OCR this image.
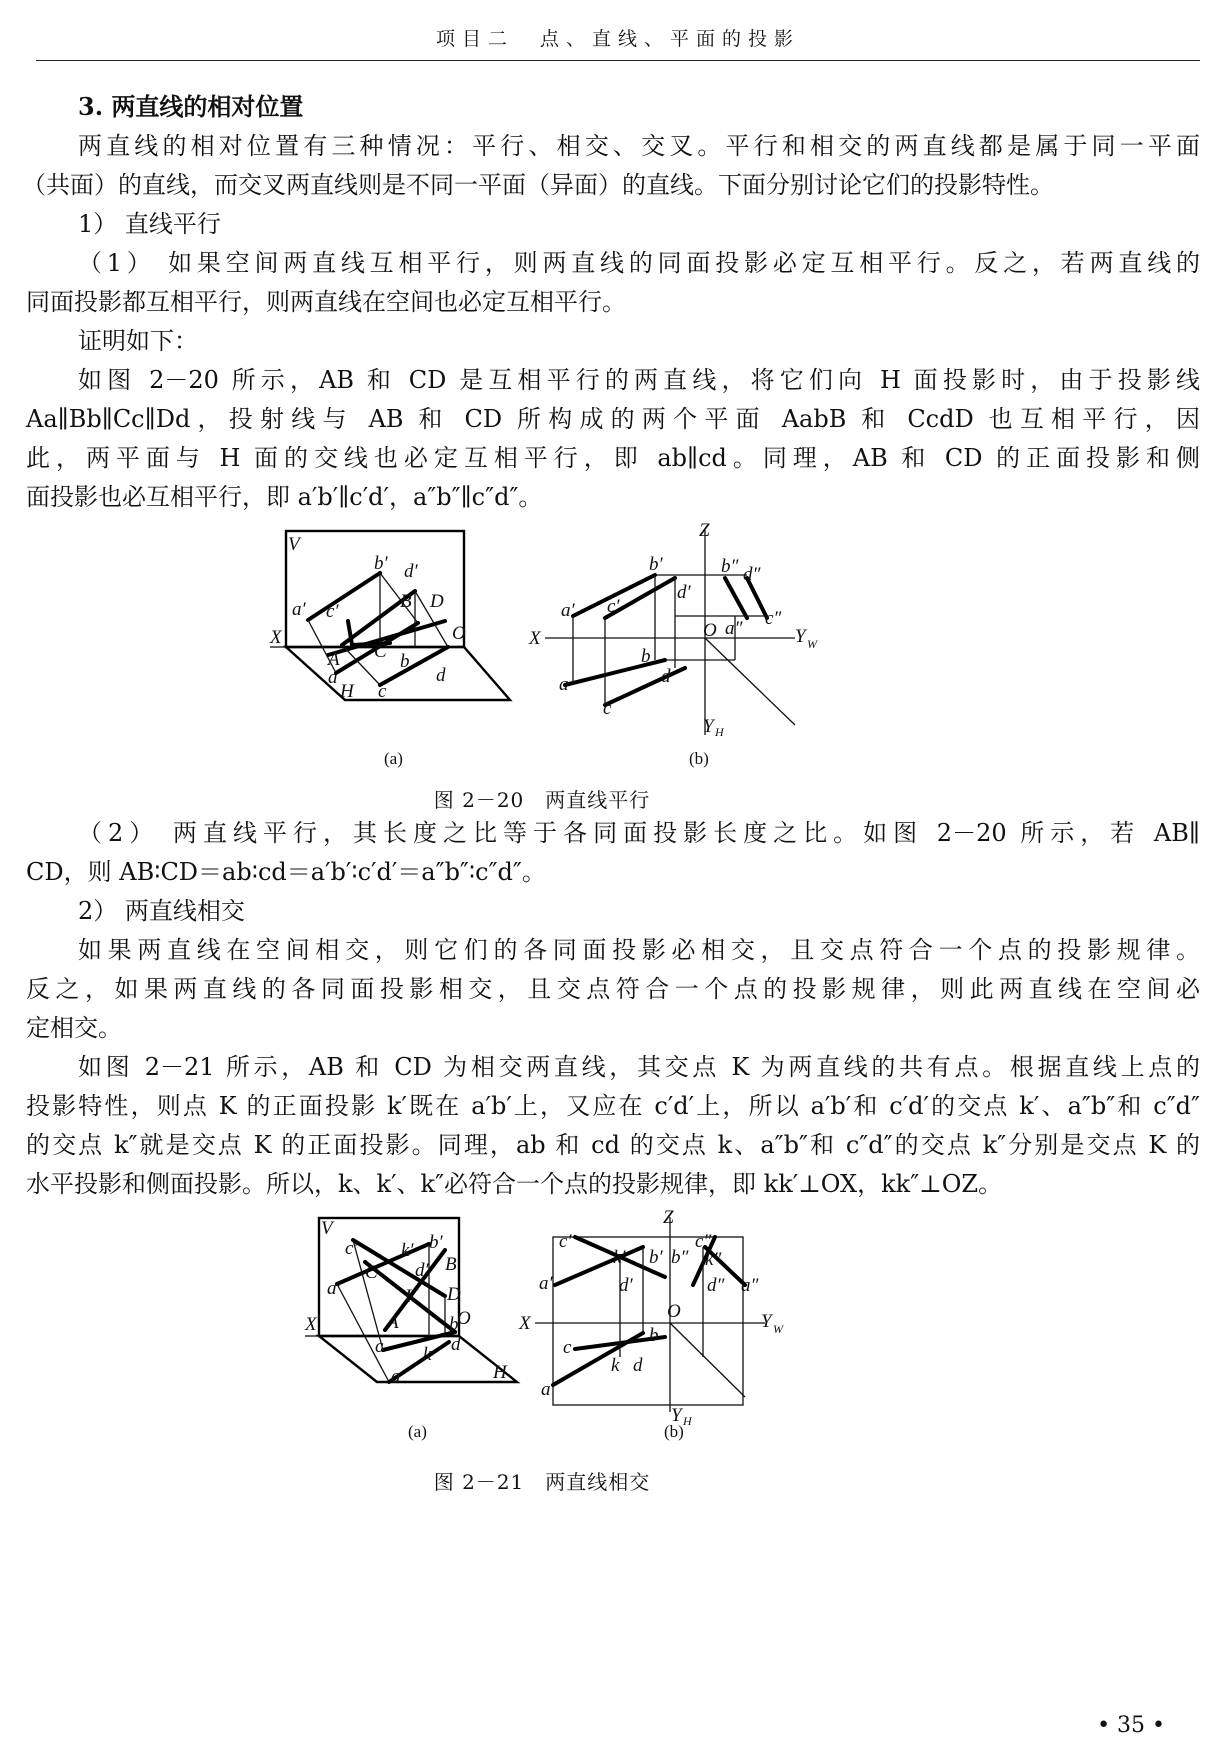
项目二　点、直线、平面的投影
3. 两直线的相对位置
两直线的相对位置有三种情况：平行、相交、交叉。平行和相交的两直线都是属于同一平面
（共面）的直线，而交叉两直线则是不同一平面（异面）的直线。下面分别讨论它们的投影特性。
1） 直线平行
（1） 如果空间两直线互相平行，则两直线的同面投影必定互相平行。反之，若两直线的
同面投影都互相平行，则两直线在空间也必定互相平行。
证明如下：
如图 2－20 所示，AB 和 CD 是互相平行的两直线，将它们向 H 面投影时，由于投影线
Aa∥Bb∥Cc∥Dd，投射线与 AB 和 CD 所构成的两个平面 AabB 和 CcdD 也互相平行，因
此，两平面与 H 面的交线也必定互相平行，即 ab∥cd。同理，AB 和 CD 的正面投影和侧
面投影也必互相平行，即 a′b′∥c′d′，a″b″∥c″d″。
V
b′ d′
B D
a′ c′
X	O
A C b
a	d
H c
(a)
Z
b′	b″ d″
d′
a′ c′
X	O a″ c″
Y W
b
a	d
c
Y H
(b)
图 2－20　两直线平行
（2） 两直线平行，其长度之比等于各同面投影长度之比。如图 2－20 所示，若 AB∥
CD，则 AB∶CD＝ab∶cd＝a′b′∶c′d′＝a″b″∶c″d″。
2） 两直线相交
如果两直线在空间相交，则它们的各同面投影必相交，且交点符合一个点的投影规律。
反之，如果两直线的各同面投影相交，且交点符合一个点的投影规律，则此两直线在空间必
定相交。
如图 2－21 所示，AB 和 CD 为相交两直线，其交点 K 为两直线的共有点。根据直线上点的
投影特性，则点 K 的正面投影 k′既在 a′b′上，又应在 c′d′上，所以 a′b′和 c′d′的交点 k′、a″b″和 c″d″
的交点 k″就是交点 K 的正面投影。同理，ab 和 cd 的交点 k、a″b″和 c″d″的交点 k″分别是交点 K 的
水平投影和侧面投影。所以，k、k′、k″必符合一个点的投影规律，即 kk′⊥OX，kk″⊥OZ。
V
c′ k′ b′
B
C d′
a′	K D
O
X	A	b
c k d
a	H
(a)
Z
c′	c″
k′ b′ b″ k″
a′	d′	d″ a″
O
X	Y W
b
c
k d
a
Y H
(b)
图 2－21　两直线相交
• 35 •
